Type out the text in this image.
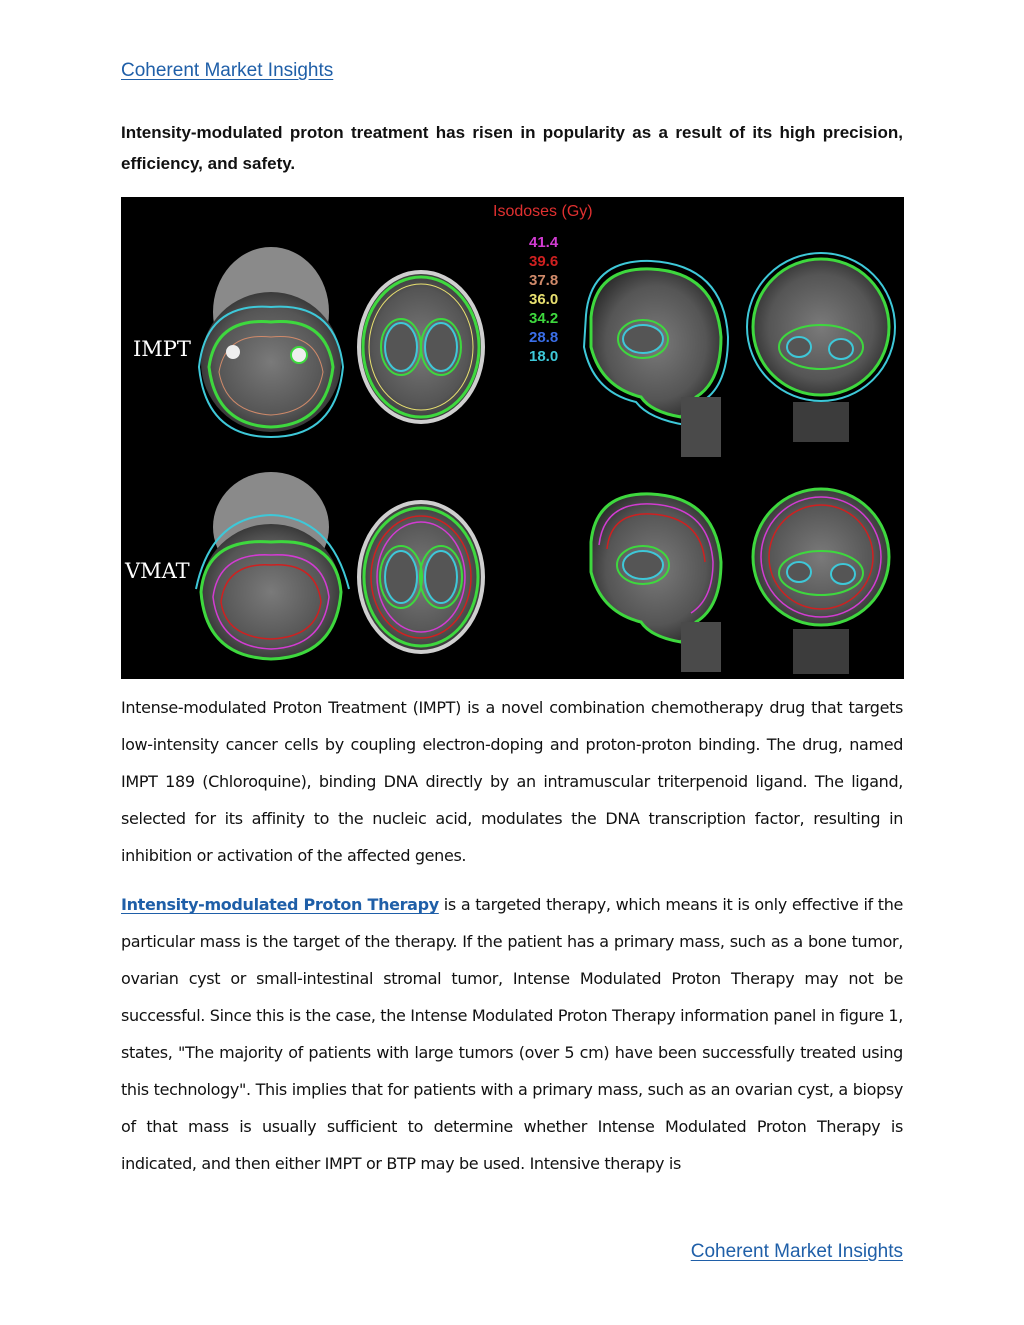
Coherent Market Insights

Intensity-modulated proton treatment has risen in popularity as a result of its high precision, efficiency, and safety.

IMPT
VMAT
Isodoses (Gy)
41.4
39.6
37.8
36.0
34.2
28.8
18.0

Intense-modulated Proton Treatment (IMPT) is a novel combination chemotherapy drug that targets low-intensity cancer cells by coupling electron-doping and proton-proton binding. The drug, named IMPT 189 (Chloroquine), binding DNA directly by an intramuscular triterpenoid ligand. The ligand, selected for its affinity to the nucleic acid, modulates the DNA transcription factor, resulting in inhibition or activation of the affected genes.

Intensity-modulated Proton Therapy is a targeted therapy, which means it is only effective if the particular mass is the target of the therapy. If the patient has a primary mass, such as a bone tumor, ovarian cyst or small-intestinal stromal tumor, Intense Modulated Proton Therapy may not be successful. Since this is the case, the Intense Modulated Proton Therapy information panel in figure 1, states, "The majority of patients with large tumors (over 5 cm) have been successfully treated using this technology". This implies that for patients with a primary mass, such as an ovarian cyst, a biopsy of that mass is usually sufficient to determine whether Intense Modulated Proton Therapy is indicated, and then either IMPT or BTP may be used. Intensive therapy is

Coherent Market Insights
